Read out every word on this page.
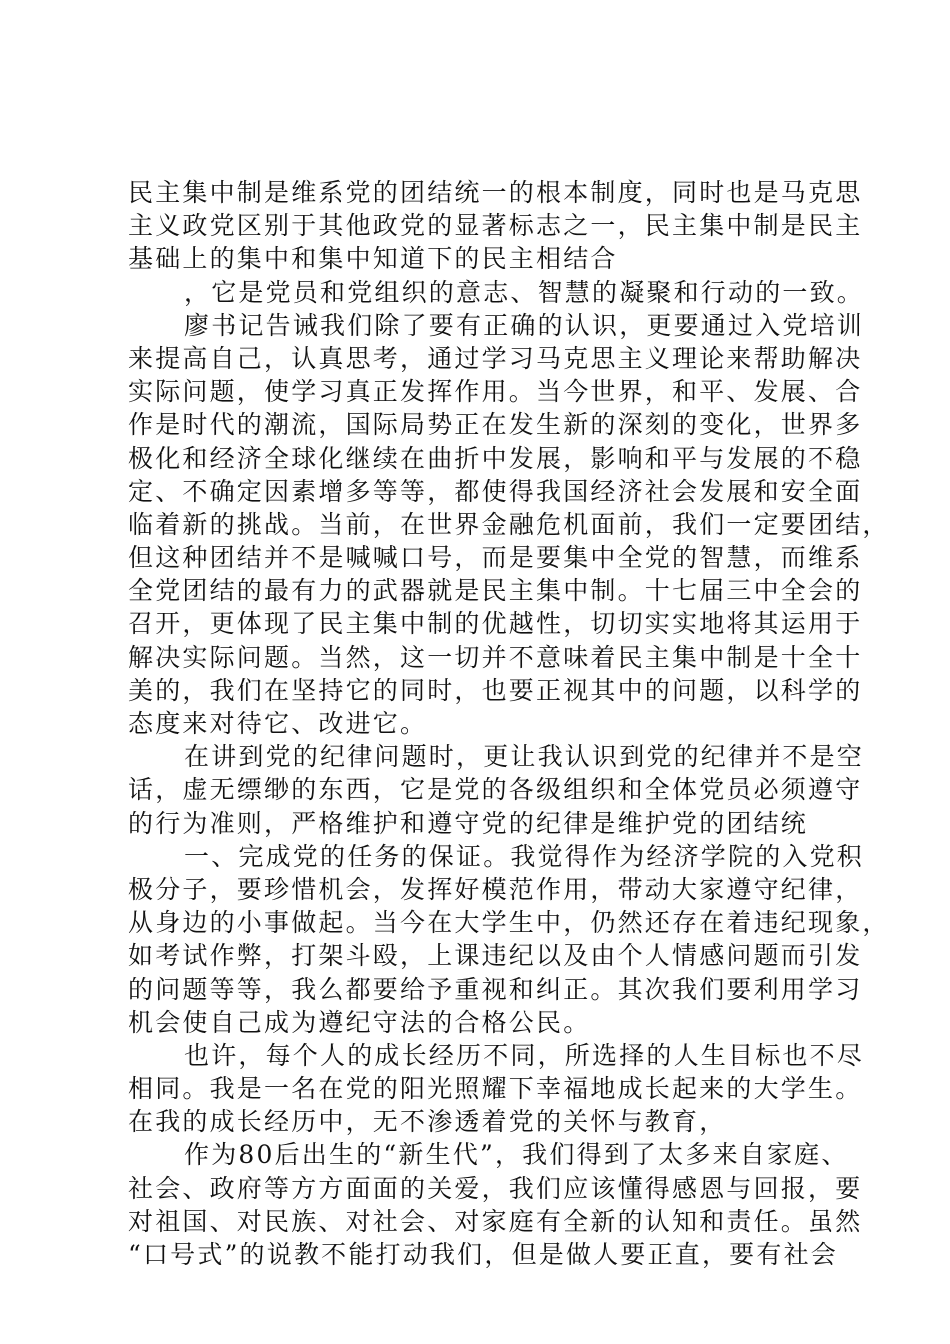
民主集中制是维系党的团结统一的根本制度，同时也是马克思
主义政党区别于其他政党的显著标志之一，民主集中制是民主
基础上的集中和集中知道下的民主相结合
，它是党员和党组织的意志、智慧的凝聚和行动的一致。
廖书记告诫我们除了要有正确的认识，更要通过入党培训
来提高自己，认真思考，通过学习马克思主义理论来帮助解决
实际问题，使学习真正发挥作用。当今世界，和平、发展、合
作是时代的潮流，国际局势正在发生新的深刻的变化，世界多
极化和经济全球化继续在曲折中发展，影响和平与发展的不稳
定、不确定因素增多等等，都使得我国经济社会发展和安全面
临着新的挑战。当前，在世界金融危机面前，我们一定要团结，
但这种团结并不是喊喊口号，而是要集中全党的智慧，而维系
全党团结的最有力的武器就是民主集中制。十七届三中全会的
召开，更体现了民主集中制的优越性，切切实实地将其运用于
解决实际问题。当然，这一切并不意味着民主集中制是十全十
美的，我们在坚持它的同时，也要正视其中的问题，以科学的
态度来对待它、改进它。
在讲到党的纪律问题时，更让我认识到党的纪律并不是空
话，虚无缥缈的东西，它是党的各级组织和全体党员必须遵守
的行为准则，严格维护和遵守党的纪律是维护党的团结统
一、完成党的任务的保证。我觉得作为经济学院的入党积
极分子，要珍惜机会，发挥好模范作用，带动大家遵守纪律，
从身边的小事做起。当今在大学生中，仍然还存在着违纪现象，
如考试作弊，打架斗殴，上课违纪以及由个人情感问题而引发
的问题等等，我么都要给予重视和纠正。其次我们要利用学习
机会使自己成为遵纪守法的合格公民。
也许，每个人的成长经历不同，所选择的人生目标也不尽
相同。我是一名在党的阳光照耀下幸福地成长起来的大学生。
在我的成长经历中，无不渗透着党的关怀与教育，
作为80后出生的“新生代”，我们得到了太多来自家庭、
社会、政府等方方面面的关爱，我们应该懂得感恩与回报，要
对祖国、对民族、对社会、对家庭有全新的认知和责任。虽然
“口号式”的说教不能打动我们，但是做人要正直，要有社会
